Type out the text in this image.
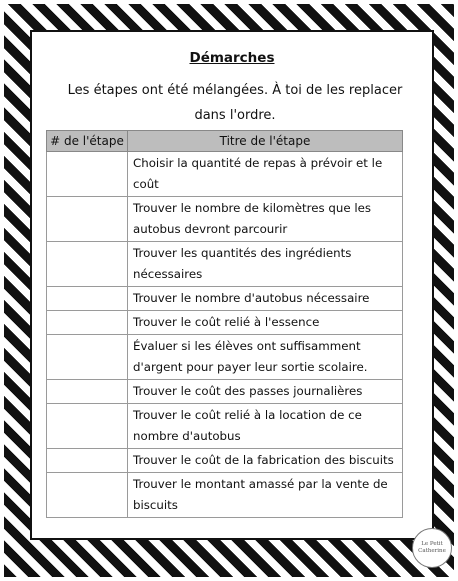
Démarches
Les étapes ont été mélangées. À toi de les replacer dans l'ordre.
# de l'étape	Titre de l'étape
	Choisir la quantité de repas à prévoir et le coût
	Trouver le nombre de kilomètres que les autobus devront parcourir
	Trouver les quantités des ingrédients nécessaires
	Trouver le nombre d'autobus nécessaire
	Trouver le coût relié à l'essence
	Évaluer si les élèves ont suffisamment d'argent pour payer leur sortie scolaire.
	Trouver le coût des passes journalières
	Trouver le coût relié à la location de ce nombre d'autobus
	Trouver le coût de la fabrication des biscuits
	Trouver le montant amassé par la vente de biscuits
Le Petit
Catherine
